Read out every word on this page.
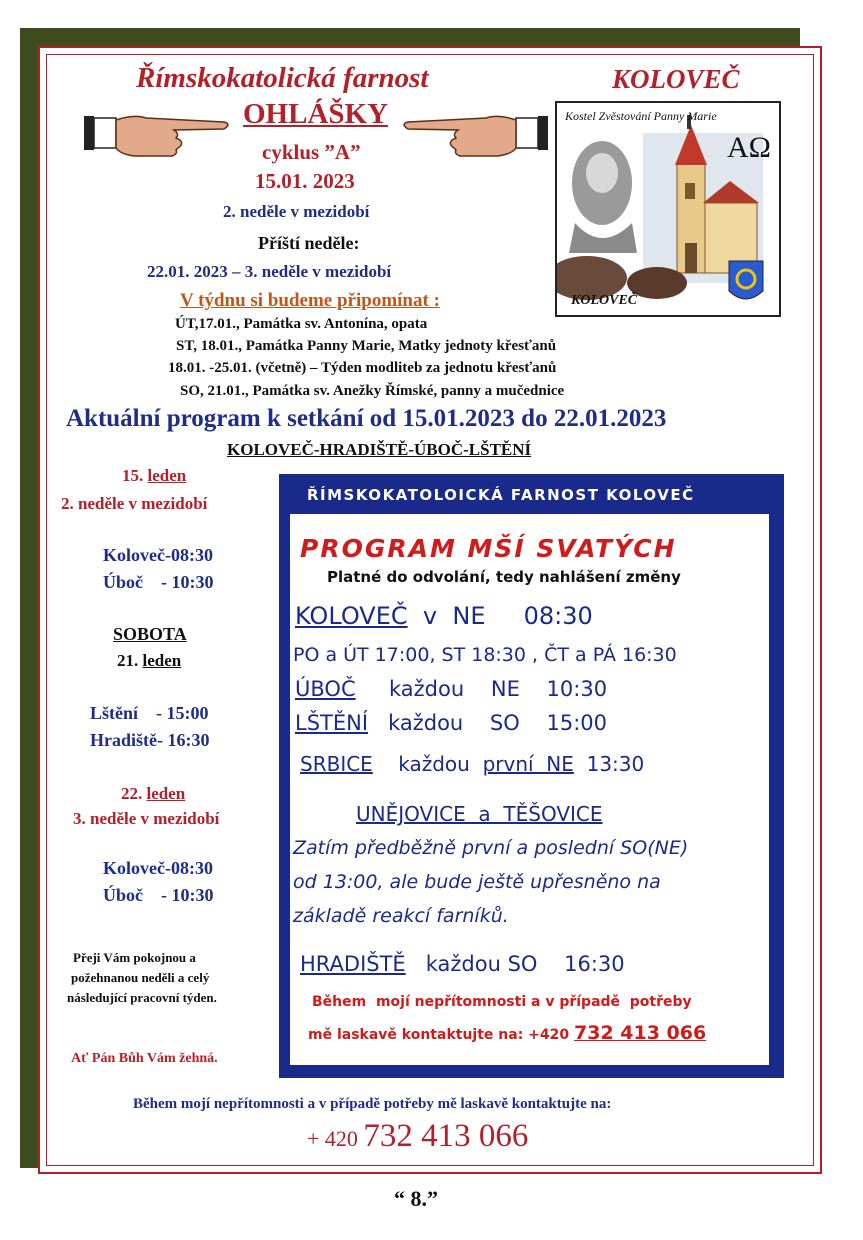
Římskokatolická farnost	KOLOVEČ
OHLÁŠKY
cyklus ”A”
15.01. 2023
2. neděle v mezidobí
Příští neděle:
22.01. 2023 – 3. neděle v mezidobí
Kostel Zvěstování Panny Marie
AΩ
KOLOVEČ
V týdnu si budeme připomínat :
ÚT,17.01., Památka sv. Antonína, opata
ST, 18.01., Památka Panny Marie, Matky jednoty křesťanů
18.01. -25.01. (včetně) – Týden modliteb za jednotu křesťanů
SO, 21.01., Památka sv. Anežky Římské, panny a mučednice
Aktuální program k setkání od 15.01.2023 do 22.01.2023
KOLOVEČ-HRADIŠTĚ-ÚBOČ-LŠTĚNÍ
15. leden
2. neděle v mezidobí
Koloveč-08:30
Úboč    - 10:30
SOBOTA
21. leden
Lštění    - 15:00
Hradiště- 16:30
22. leden
3. neděle v mezidobí
Koloveč-08:30
Úboč    - 10:30
Přeji Vám pokojnou a
požehnanou neděli a celý
následující pracovní týden.
Ať Pán Bůh Vám žehná.
ŘÍMSKOKATOLOICKÁ FARNOST KOLOVEČ
PROGRAM MŠÍ SVATÝCH
Platné do odvolání, tedy nahlášení změny
KOLOVEČ v  NE     08:30
PO a ÚT 17:00, ST 18:30 , ČT a PÁ 16:30
ÚBOČ každou    NE    10:30
LŠTĚNÍ každou    SO    15:00
SRBICE každou první  NE 13:30
UNĚJOVICE  a  TĚŠOVICE
Zatím předběžně první a poslední SO(NE)
od 13:00, ale bude ještě upřesněno na
základě reakcí farníků.
HRADIŠTĚ každou SO    16:30
Během  mojí nepřítomnosti a v případě  potřeby
mě laskavě kontaktujte na: +420 732 413 066
Během mojí nepřítomnosti a v případě potřeby mě laskavě kontaktujte na:
+ 420 732 413 066
“ 8.”
